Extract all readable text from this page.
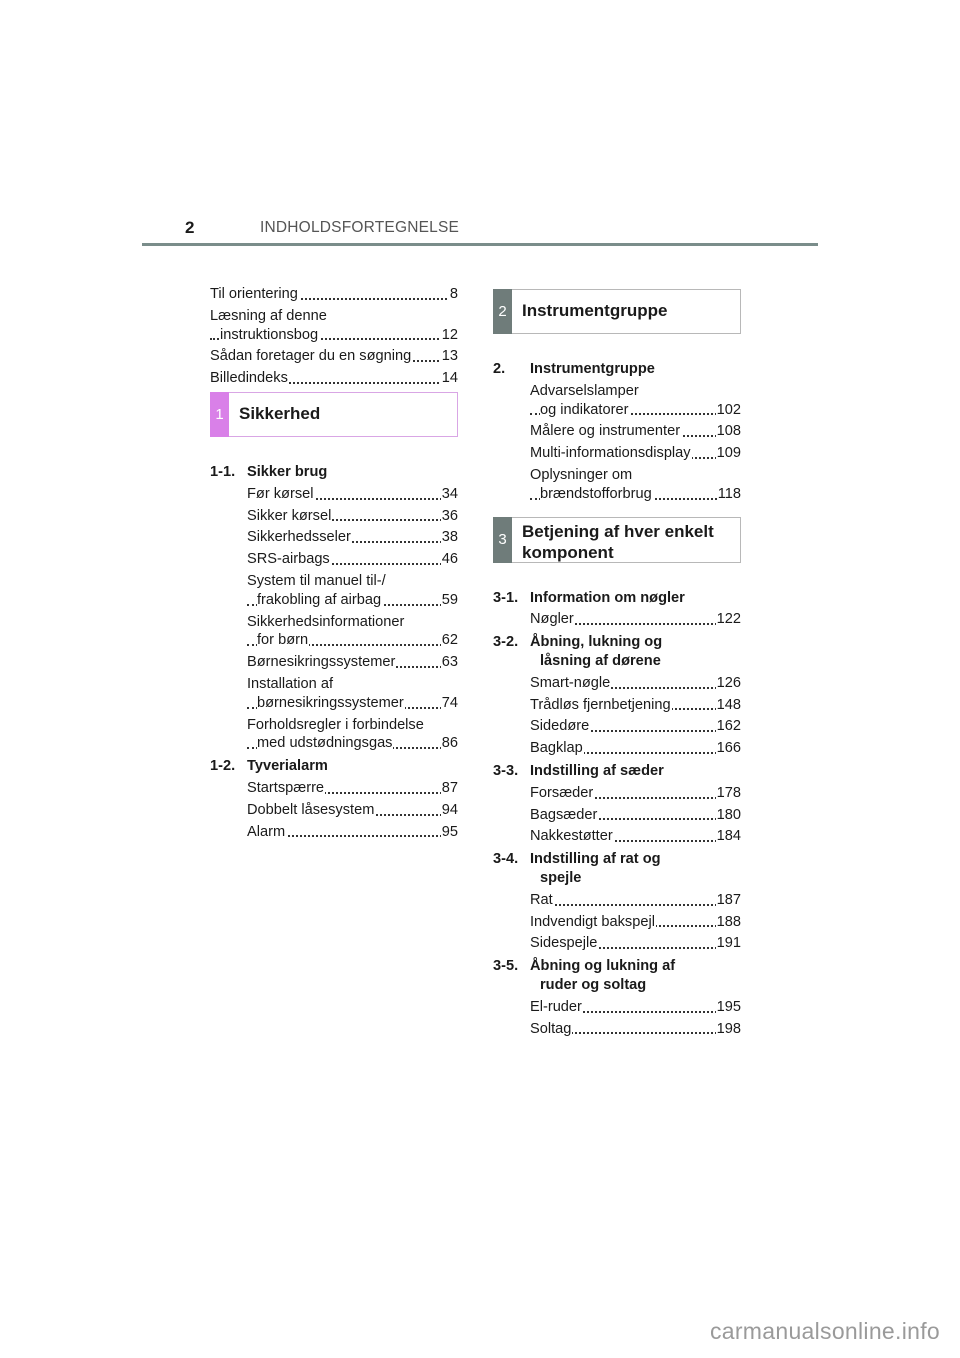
2	INDHOLDSFORTEGNELSE
Til orientering	8
Læsning af denne
instruktionsbog	12
Sådan foretager du en søgning 13
Billedindeks	14
1 Sikkerhed
1-1. Sikker brug
Før kørsel	34
Sikker kørsel	36
Sikkerhedsseler	38
SRS-airbags	46
System til manuel til-/
frakobling af airbag	59
Sikkerhedsinformationer
for børn	62
Børnesikringssystemer	63
Installation af
børnesikringssystemer	74
Forholdsregler i forbindelse
med udstødningsgas	86
1-2. Tyverialarm
Startspærre	87
Dobbelt låsesystem	94
Alarm	95
2 Instrumentgruppe
2.	Instrumentgruppe
Advarselslamper
og indikatorer	102
Målere og instrumenter	108
Multi-informationsdisplay 109
Oplysninger om
brændstofforbrug	118
3 Betjening af hver enkelt
komponent
3-1. Information om nøgler
Nøgler	122
3-2. Åbning, lukning og
låsning af dørene
Smart-nøgle	126
Trådløs fjernbetjening	148
Sidedøre	162
Bagklap	166
3-3. Indstilling af sæder
Forsæder	178
Bagsæder	180
Nakkestøtter	184
3-4. Indstilling af rat og
spejle
Rat	187
Indvendigt bakspejl	188
Sidespejle	191
3-5. Åbning og lukning af
ruder og soltag
El-ruder	195
Soltag	198
carmanualsonline.info
